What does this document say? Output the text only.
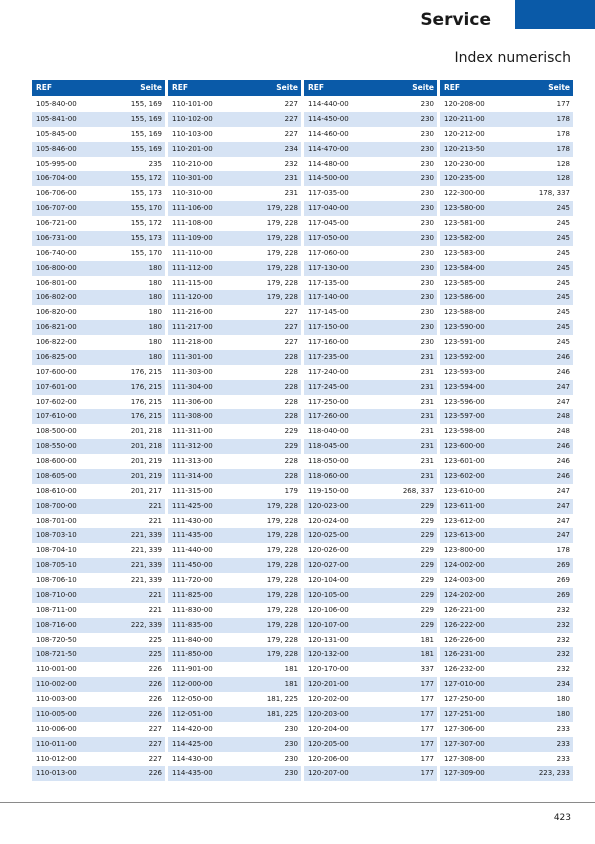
Service
Index numerisch
REF	Seite
105-840-00	155, 169
105-841-00	155, 169
105-845-00	155, 169
105-846-00	155, 169
105-995-00	235
106-704-00	155, 172
106-706-00	155, 173
106-707-00	155, 170
106-721-00	155, 172
106-731-00	155, 173
106-740-00	155, 170
106-800-00	180
106-801-00	180
106-802-00	180
106-820-00	180
106-821-00	180
106-822-00	180
106-825-00	180
107-600-00	176, 215
107-601-00	176, 215
107-602-00	176, 215
107-610-00	176, 215
108-500-00	201, 218
108-550-00	201, 218
108-600-00	201, 219
108-605-00	201, 219
108-610-00	201, 217
108-700-00	221
108-701-00	221
108-703-10	221, 339
108-704-10	221, 339
108-705-10	221, 339
108-706-10	221, 339
108-710-00	221
108-711-00	221
108-716-00	222, 339
108-720-50	225
108-721-50	225
110-001-00	226
110-002-00	226
110-003-00	226
110-005-00	226
110-006-00	227
110-011-00	227
110-012-00	227
110-013-00	226
REF	Seite
110-101-00	227
110-102-00	227
110-103-00	227
110-201-00	234
110-210-00	232
110-301-00	231
110-310-00	231
111-106-00	179, 228
111-108-00	179, 228
111-109-00	179, 228
111-110-00	179, 228
111-112-00	179, 228
111-115-00	179, 228
111-120-00	179, 228
111-216-00	227
111-217-00	227
111-218-00	227
111-301-00	228
111-303-00	228
111-304-00	228
111-306-00	228
111-308-00	228
111-311-00	229
111-312-00	229
111-313-00	228
111-314-00	228
111-315-00	179
111-425-00	179, 228
111-430-00	179, 228
111-435-00	179, 228
111-440-00	179, 228
111-450-00	179, 228
111-720-00	179, 228
111-825-00	179, 228
111-830-00	179, 228
111-835-00	179, 228
111-840-00	179, 228
111-850-00	179, 228
111-901-00	181
112-000-00	181
112-050-00	181, 225
112-051-00	181, 225
114-420-00	230
114-425-00	230
114-430-00	230
114-435-00	230
REF	Seite
114-440-00	230
114-450-00	230
114-460-00	230
114-470-00	230
114-480-00	230
114-500-00	230
117-035-00	230
117-040-00	230
117-045-00	230
117-050-00	230
117-060-00	230
117-130-00	230
117-135-00	230
117-140-00	230
117-145-00	230
117-150-00	230
117-160-00	230
117-235-00	231
117-240-00	231
117-245-00	231
117-250-00	231
117-260-00	231
118-040-00	231
118-045-00	231
118-050-00	231
118-060-00	231
119-150-00	268, 337
120-023-00	229
120-024-00	229
120-025-00	229
120-026-00	229
120-027-00	229
120-104-00	229
120-105-00	229
120-106-00	229
120-107-00	229
120-131-00	181
120-132-00	181
120-170-00	337
120-201-00	177
120-202-00	177
120-203-00	177
120-204-00	177
120-205-00	177
120-206-00	177
120-207-00	177
REF	Seite
120-208-00	177
120-211-00	178
120-212-00	178
120-213-50	178
120-230-00	128
120-235-00	128
122-300-00	178, 337
123-580-00	245
123-581-00	245
123-582-00	245
123-583-00	245
123-584-00	245
123-585-00	245
123-586-00	245
123-588-00	245
123-590-00	245
123-591-00	245
123-592-00	246
123-593-00	246
123-594-00	247
123-596-00	247
123-597-00	248
123-598-00	248
123-600-00	246
123-601-00	246
123-602-00	246
123-610-00	247
123-611-00	247
123-612-00	247
123-613-00	247
123-800-00	178
124-002-00	269
124-003-00	269
124-202-00	269
126-221-00	232
126-222-00	232
126-226-00	232
126-231-00	232
126-232-00	232
127-010-00	234
127-250-00	180
127-251-00	180
127-306-00	233
127-307-00	233
127-308-00	233
127-309-00	223, 233
423
